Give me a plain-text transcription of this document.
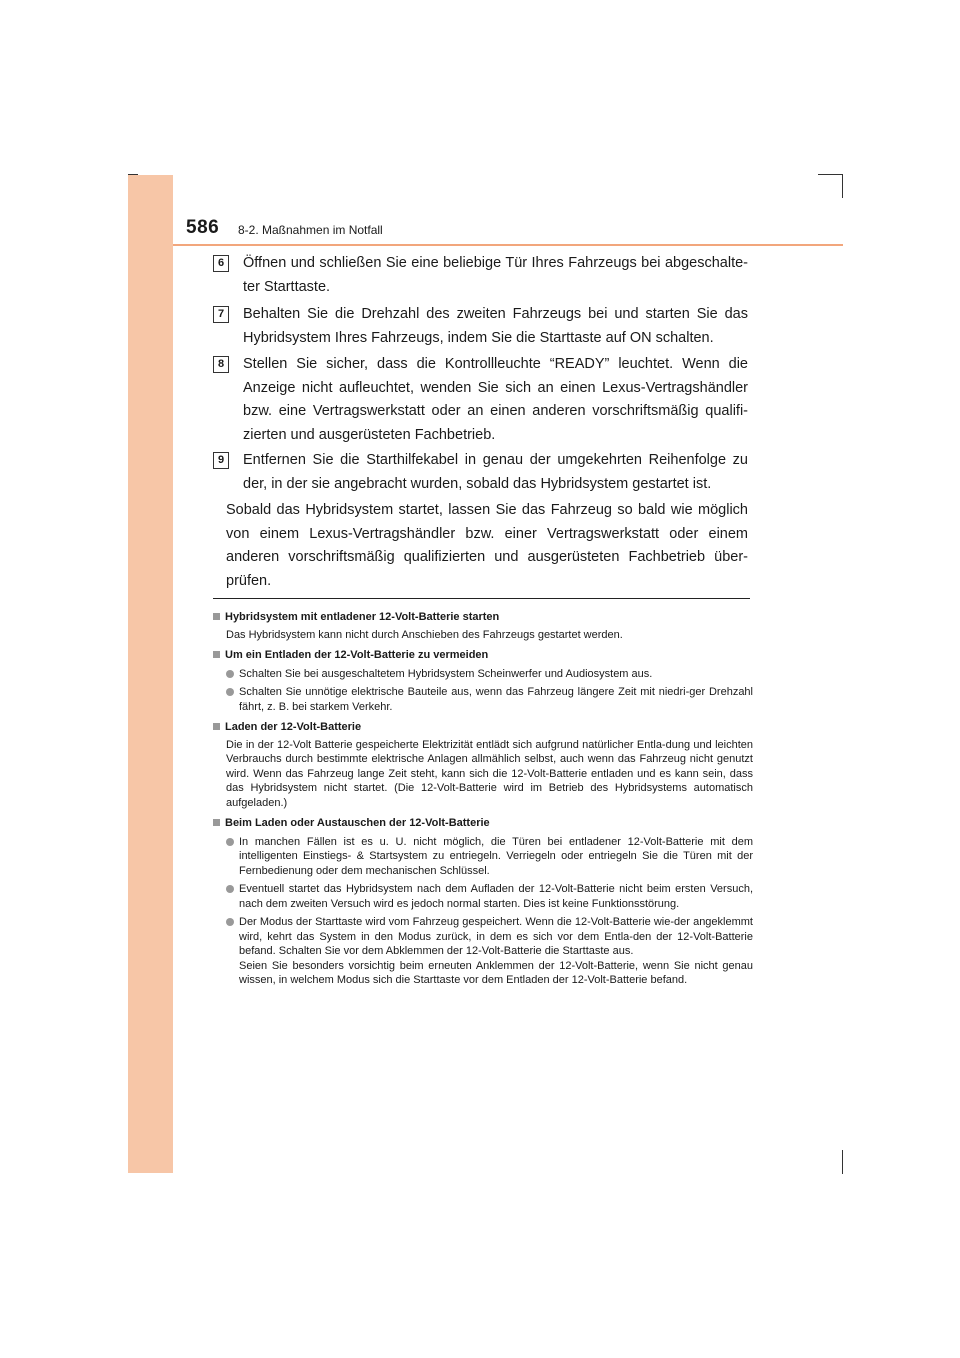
586 8-2. Maßnahmen im Notfall
6	Öffnen und schließen Sie eine beliebige Tür Ihres Fahrzeugs bei abgeschalte-ter Starttaste.
7	Behalten Sie die Drehzahl des zweiten Fahrzeugs bei und starten Sie das Hybridsystem Ihres Fahrzeugs, indem Sie die Starttaste auf ON schalten.
8	Stellen Sie sicher, dass die Kontrollleuchte “READY” leuchtet. Wenn die Anzeige nicht aufleuchtet, wenden Sie sich an einen Lexus-Vertragshändler bzw. eine Vertragswerkstatt oder an einen anderen vorschriftsmäßig qualifi-zierten und ausgerüsteten Fachbetrieb.
9	Entfernen Sie die Starthilfekabel in genau der umgekehrten Reihenfolge zu der, in der sie angebracht wurden, sobald das Hybridsystem gestartet ist.
Sobald das Hybridsystem startet, lassen Sie das Fahrzeug so bald wie möglich von einem Lexus-Vertragshändler bzw. einer Vertragswerkstatt oder einem anderen vorschriftsmäßig qualifizierten und ausgerüsteten Fachbetrieb über-prüfen.
Hybridsystem mit entladener 12-Volt-Batterie starten
Das Hybridsystem kann nicht durch Anschieben des Fahrzeugs gestartet werden.
Um ein Entladen der 12-Volt-Batterie zu vermeiden
Schalten Sie bei ausgeschaltetem Hybridsystem Scheinwerfer und Audiosystem aus.
Schalten Sie unnötige elektrische Bauteile aus, wenn das Fahrzeug längere Zeit mit niedri-ger Drehzahl fährt, z. B. bei starkem Verkehr.
Laden der 12-Volt-Batterie
Die in der 12-Volt Batterie gespeicherte Elektrizität entlädt sich aufgrund natürlicher Entla-dung und leichten Verbrauchs durch bestimmte elektrische Anlagen allmählich selbst, auch wenn das Fahrzeug nicht genutzt wird. Wenn das Fahrzeug lange Zeit steht, kann sich die 12-Volt-Batterie entladen und es kann sein, dass das Hybridsystem nicht startet. (Die 12-Volt-Batterie wird im Betrieb des Hybridsystems automatisch aufgeladen.)
Beim Laden oder Austauschen der 12-Volt-Batterie
In manchen Fällen ist es u. U. nicht möglich, die Türen bei entladener 12-Volt-Batterie mit dem intelligenten Einstiegs- & Startsystem zu entriegeln. Verriegeln oder entriegeln Sie die Türen mit der Fernbedienung oder dem mechanischen Schlüssel.
Eventuell startet das Hybridsystem nach dem Aufladen der 12-Volt-Batterie nicht beim ersten Versuch, nach dem zweiten Versuch wird es jedoch normal starten. Dies ist keine Funktionsstörung.
Der Modus der Starttaste wird vom Fahrzeug gespeichert. Wenn die 12-Volt-Batterie wie-der angeklemmt wird, kehrt das System in den Modus zurück, in dem es sich vor dem Entla-den der 12-Volt-Batterie befand. Schalten Sie vor dem Abklemmen der 12-Volt-Batterie die Starttaste aus.
Seien Sie besonders vorsichtig beim erneuten Anklemmen der 12-Volt-Batterie, wenn Sie nicht genau wissen, in welchem Modus sich die Starttaste vor dem Entladen der 12-Volt-Batterie befand.
